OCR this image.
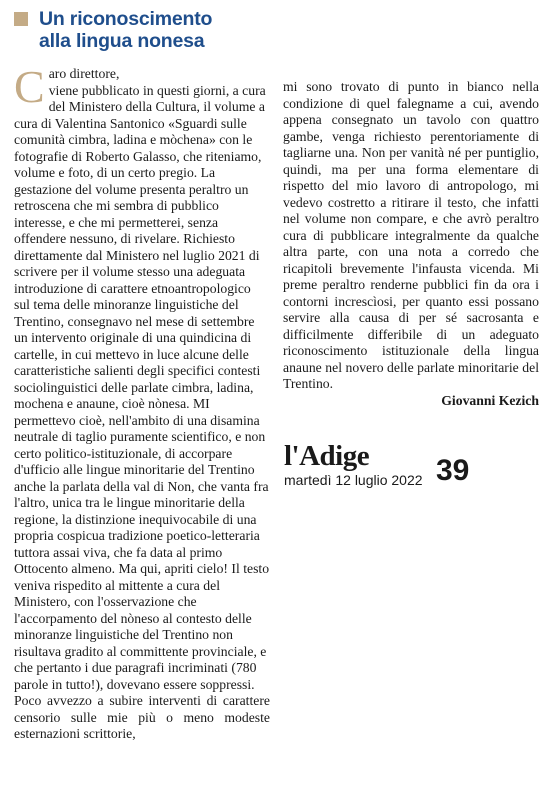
Un riconoscimento
alla lingua nonesa

Caro direttore,
viene pubblicato in questi giorni, a cura del Ministero della Cultura, il volume a cura di Valentina Santonico «Sguardi sulle comunità cimbra, ladina e mòchena» con le fotografie di Roberto Galasso, che riteniamo, volume e foto, di un certo pregio. La gestazione del volume presenta peraltro un retroscena che mi sembra di pubblico interesse, e che mi permetterei, senza offendere nessuno, di rivelare. Richiesto direttamente dal Ministero nel luglio 2021 di scrivere per il volume stesso una adeguata introduzione di carattere etnoantropologico sul tema delle minoranze linguistiche del Trentino, consegnavo nel mese di settembre un intervento originale di una quindicina di cartelle, in cui mettevo in luce alcune delle caratteristiche salienti degli specifici contesti sociolinguistici delle parlate cimbra, ladina, mochena e anaune, cioè nònesa. MI permettevo cioè, nell'ambito di una disamina neutrale di taglio puramente scientifico, e non certo politico-istituzionale, di accorpare d'ufficio alle lingue minoritarie del Trentino anche la parlata della val di Non, che vanta fra l'altro, unica tra le lingue minoritarie della regione, la distinzione inequivocabile di una propria cospicua tradizione poetico-letteraria tuttora assai viva, che fa data al primo Ottocento almeno. Ma qui, apriti cielo! Il testo veniva rispedito al mittente a cura del Ministero, con l'osservazione che l'accorpamento del nòneso al contesto delle minoranze linguistiche del Trentino non risultava gradito al committente provinciale, e che pertanto i due paragrafi incriminati (780 parole in tutto!), dovevano essere soppressi.

Poco avvezzo a subire interventi di carattere censorio sulle mie più o meno modeste esternazioni scrittorie,

mi sono trovato di punto in bianco nella condizione di quel falegname a cui, avendo appena consegnato un tavolo con quattro gambe, venga richiesto perentoriamente di tagliarne una. Non per vanità né per puntiglio, quindi, ma per una forma elementare di rispetto del mio lavoro di antropologo, mi vedevo costretto a ritirare il testo, che infatti nel volume non compare, e che avrò peraltro cura di pubblicare integralmente da qualche altra parte, con una nota a corredo che ricapitoli brevemente l'infausta vicenda. Mi preme peraltro renderne pubblici fin da ora i contorni increscìosi, per quanto essi possano servire alla causa di per sé sacrosanta e difficilmente differibile di un adeguato riconoscimento istituzionale della lingua anaune nel novero delle parlate minoritarie del Trentino.

Giovanni Kezich
l'Adige
martedì 12 luglio 2022 39
